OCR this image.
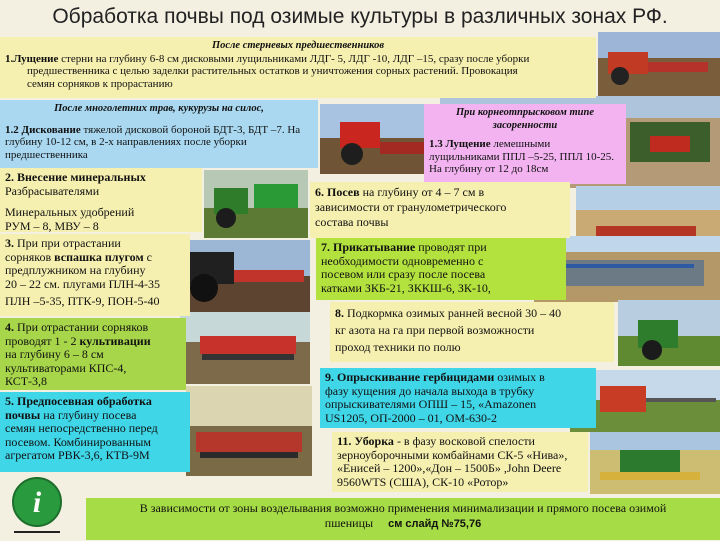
Обработка почвы под озимые культуры в различных зонах РФ.
После стерневых предшественников
1.Лущение стерни на глубину 6-8 см дисковыми лущильниками ЛДГ- 5, ЛДГ -10, ЛДГ –15, сразу после уборки
предшественника с целью заделки растительных остатков и уничтожения сорных растений. Провокация
семян сорняков к прорастанию
После многолетних трав, кукурузы на силос,
1.2 Дискование тяжелой дисковой бороной БДТ-3, БДТ –7. На глубину 10-12 см, в 2-х направлениях после уборки предшественника
При корнеотпрысковом типе засоренности
1.3 Лущение лемешными лущильниками ППЛ –5-25, ППЛ 10-25. На глубину от 12 до 18см
2. Внесение минеральных
Разбрасывателями
Минеральных удобрений
РУМ – 8, МВУ – 8
3. При при отрастании
сорняков вспашка плугом с
предплужником на глубину
20 – 22 см. плугами ПЛН-4-35
ПЛН –5-35, ПТК-9, ПОН-5-40
4. При отрастании сорняков
проводят 1 - 2 культивации
на глубину 6 – 8 см
культиваторами КПС-4,
КСТ-3,8
5. Предпосевная обработка
почвы на глубину посева
семян непосредственно перед
посевом. Комбинированным
агрегатом РВК-3,6, КТВ-9М
6. Посев на глубину от 4 – 7 см в
зависимости от гранулометрического
состава почвы
7. Прикатывание проводят при
необходимости одновременно с
посевом или сразу после посева
катками ЗКБ-21, ЗККШ-6, ЗК-10,
8. Подкормка озимых ранней весной 30 – 40
кг азота на га при первой возможности
проход техники по полю
9. Опрыскивание гербицидами озимых в
фазу кущения до начала выхода в трубку
опрыскивателями ОПШ – 15, «Amazonen
US1205, ОП-2000 – 01, ОМ-630-2
11. Уборка - в фазу восковой спелости
зерноуборочными комбайнами СК-5 «Нива»,
«Енисей – 1200»,«Дон – 1500Б» ,John Deere
9560WTS (США), СК-10 «Ротор»
В зависимости от зоны возделывания возможно применения минимализации и прямого посева озимой
пшеницы см слайд №75,76
i
